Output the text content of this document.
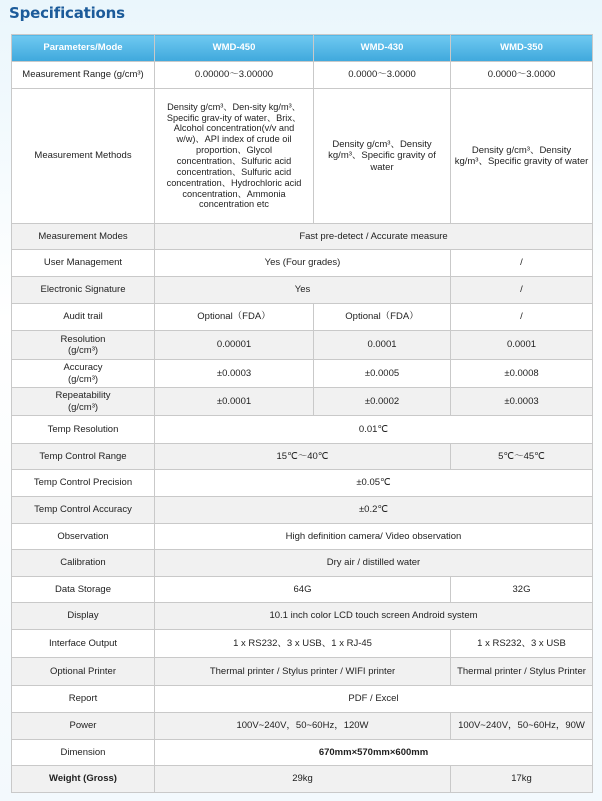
Specifications
Parameters/Mode	WMD-450	WMD-430	WMD-350
Measurement Range (g/cm³)	0.00000～3.00000	0.0000～3.0000	0.0000～3.0000
Measurement Methods	Density g/cm³、Den-sity kg/m³、Specific grav-ity of water、Brix、Alcohol concentration(v/v and w/w)、API index of crude oil proportion、Glycol concentration、Sulfuric acid concentration、Sulfuric acid concentration、Hydrochloric acid concentration、Ammonia concentration etc	Density g/cm³、Density kg/m³、Specific gravity of water	Density g/cm³、Density kg/m³、Specific gravity of water
Measurement Modes	Fast pre-detect / Accurate measure		
User Management	Yes (Four grades)		/
Electronic Signature	Yes		/
Audit trail	Optional（FDA）	Optional（FDA）	/
Resolution (g/cm³)	0.00001	0.0001	0.0001
Accuracy (g/cm³)	±0.0003	±0.0005	±0.0008
Repeatability (g/cm³)	±0.0001	±0.0002	±0.0003
Temp Resolution	0.01℃		
Temp Control Range	15℃～40℃		5℃～45℃
Temp Control Precision	±0.05℃		
Temp Control Accuracy	±0.2℃		
Observation	High definition camera/ Video observation		
Calibration	Dry air / distilled water		
Data Storage	64G		32G
Display	10.1 inch color LCD touch screen Android system		
Interface Output	1 x RS232、3 x USB、1 x RJ-45		1 x RS232、3 x USB
Optional Printer	Thermal printer / Stylus printer / WIFI printer		Thermal printer / Stylus Printer
Report	PDF / Excel		
Power	100V~240V，50~60Hz，120W		100V~240V，50~60Hz，90W
Dimension	670mm×570mm×600mm		
Weight (Gross)	29kg		17kg
